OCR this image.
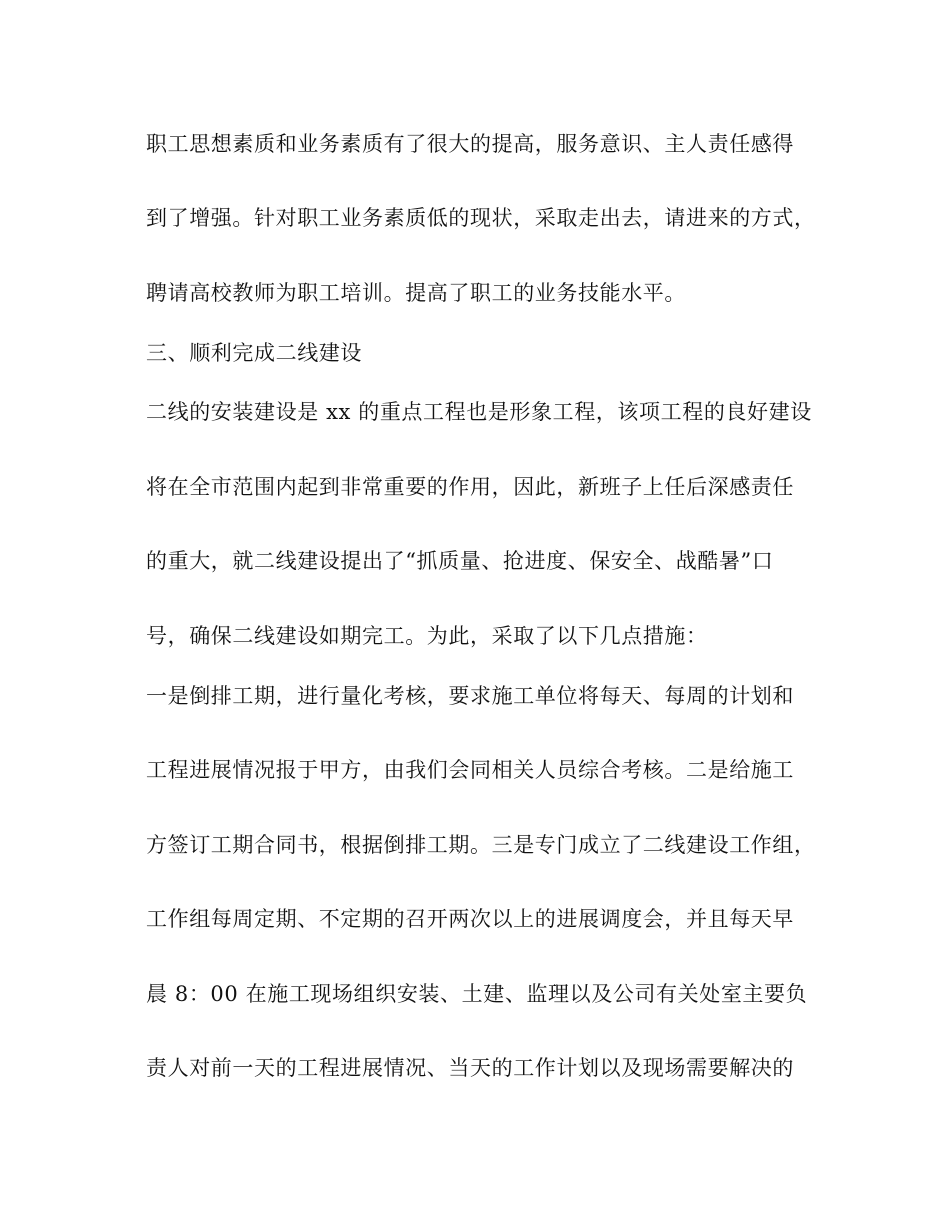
职工思想素质和业务素质有了很大的提高，服务意识、主人责任感得

到了增强。针对职工业务素质低的现状，采取走出去，请进来的方式，

聘请高校教师为职工培训。提高了职工的业务技能水平。

三、顺利完成二线建设

二线的安装建设是 xx 的重点工程也是形象工程，该项工程的良好建设

将在全市范围内起到非常重要的作用，因此，新班子上任后深感责任

的重大，就二线建设提出了“抓质量、抢进度、保安全、战酷暑”口

号，确保二线建设如期完工。为此，采取了以下几点措施：

一是倒排工期，进行量化考核，要求施工单位将每天、每周的计划和

工程进展情况报于甲方，由我们会同相关人员综合考核。二是给施工

方签订工期合同书，根据倒排工期。三是专门成立了二线建设工作组，

工作组每周定期、不定期的召开两次以上的进展调度会，并且每天早

晨 8：00 在施工现场组织安装、土建、监理以及公司有关处室主要负

责人对前一天的工程进展情况、当天的工作计划以及现场需要解决的
